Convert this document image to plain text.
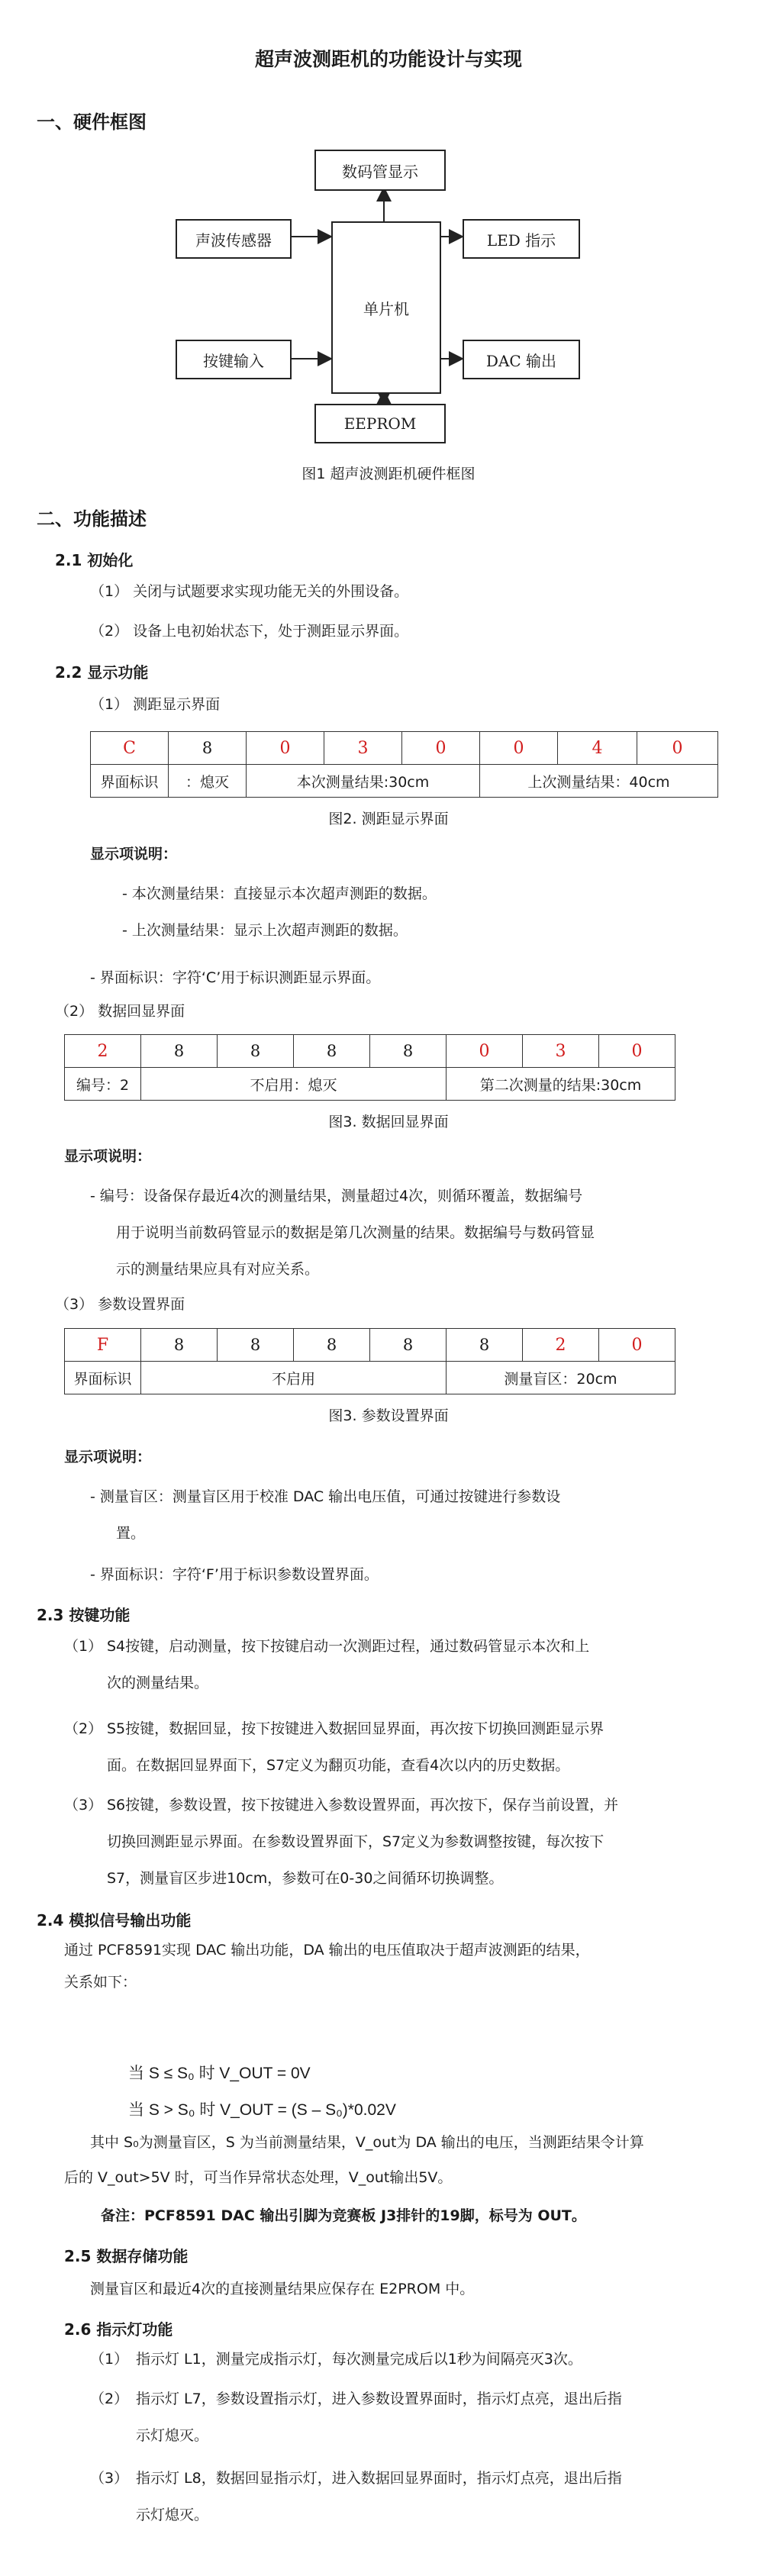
超声波测距机的功能设计与实现
一、硬件框图
数码管显示
声波传感器
单片机
LED 指示
按键输入	DAC 输出
EEPROM
图1 超声波测距机硬件框图
二、功能描述
2.1 初始化
（1） 关闭与试题要求实现功能无关的外围设备。
（2） 设备上电初始状态下，处于测距显示界面。
2.2 显示功能
（1） 测距显示界面
C	8	0	3	0	0	4	0
界面标识	：熄灭	本次测量结果:30cm			上次测量结果：40cm		
图2. 测距显示界面
显示项说明：
- 本次测量结果：直接显示本次超声测距的数据。
- 上次测量结果：显示上次超声测距的数据。
- 界面标识：字符‘C’用于标识测距显示界面。
（2） 数据回显界面
2	8	8	8	8	0	3	0
编号：2	不启用：熄灭				第二次测量的结果:30cm		
图3. 数据回显界面
显示项说明：
- 编号：设备保存最近4次的测量结果，测量超过4次，则循环覆盖，数据编号
用于说明当前数码管显示的数据是第几次测量的结果。数据编号与数码管显
示的测量结果应具有对应关系。
（3） 参数设置界面
F	8	8	8	8	8	2	0
界面标识	不启用				测量盲区：20cm		
图3. 参数设置界面
显示项说明：
- 测量盲区：测量盲区用于校准 DAC 输出电压值，可通过按键进行参数设
置。
- 界面标识：字符‘F’用于标识参数设置界面。
2.3 按键功能
（1） S4按键，启动测量，按下按键启动一次测距过程，通过数码管显示本次和上
次的测量结果。
（2） S5按键，数据回显，按下按键进入数据回显界面，再次按下切换回测距显示界
面。在数据回显界面下，S7定义为翻页功能，查看4次以内的历史数据。
（3） S6按键，参数设置，按下按键进入参数设置界面，再次按下，保存当前设置，并
切换回测距显示界面。在参数设置界面下，S7定义为参数调整按键，每次按下
S7，测量盲区步进10cm，参数可在0-30之间循环切换调整。
2.4 模拟信号输出功能
通过 PCF8591实现 DAC 输出功能，DA 输出的电压值取决于超声波测距的结果，
关系如下：
当 S ≤ S₀ 时 V_OUT = 0V
当 S > S₀ 时 V_OUT = (S – S₀)*0.02V
其中 S₀为测量盲区，S 为当前测量结果，V_out为 DA 输出的电压，当测距结果令计算
后的 V_out>5V 时，可当作异常状态处理，V_out输出5V。
备注：PCF8591 DAC 输出引脚为竞赛板 J3排针的19脚，标号为 OUT。
2.5 数据存储功能
测量盲区和最近4次的直接测量结果应保存在 E2PROM 中。
2.6 指示灯功能
（1） 指示灯 L1，测量完成指示灯，每次测量完成后以1秒为间隔亮灭3次。
（2） 指示灯 L7，参数设置指示灯，进入参数设置界面时，指示灯点亮，退出后指
示灯熄灭。
（3） 指示灯 L8，数据回显指示灯，进入数据回显界面时，指示灯点亮，退出后指
示灯熄灭。
